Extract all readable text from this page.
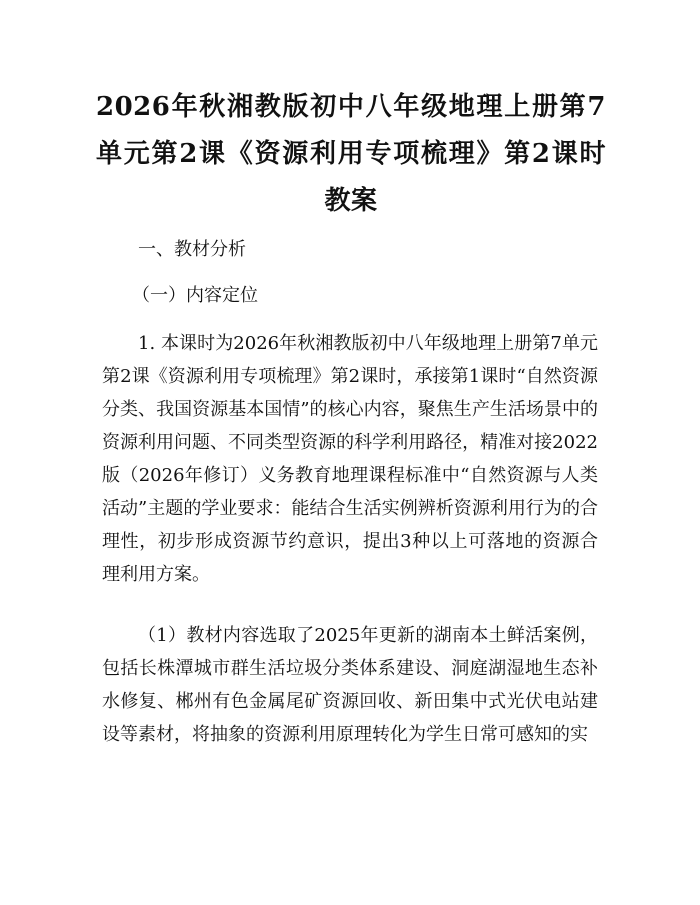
2026年秋湘教版初中八年级地理上册第7单元第2课《资源利用专项梳理》第2课时教案

一、教材分析

（一）内容定位

1. 本课时为2026年秋湘教版初中八年级地理上册第7单元第2课《资源利用专项梳理》第2课时，承接第1课时“自然资源分类、我国资源基本国情”的核心内容，聚焦生产生活场景中的资源利用问题、不同类型资源的科学利用路径，精准对接2022版（2026年修订）义务教育地理课程标准中“自然资源与人类活动”主题的学业要求：能结合生活实例辨析资源利用行为的合理性，初步形成资源节约意识，提出3种以上可落地的资源合理利用方案。

（1）教材内容选取了2025年更新的湖南本土鲜活案例，包括长株潭城市群生活垃圾分类体系建设、洞庭湖湿地生态补水修复、郴州有色金属尾矿资源回收、新田集中式光伏电站建设等素材，将抽象的资源利用原理转化为学生日常可感知的实
